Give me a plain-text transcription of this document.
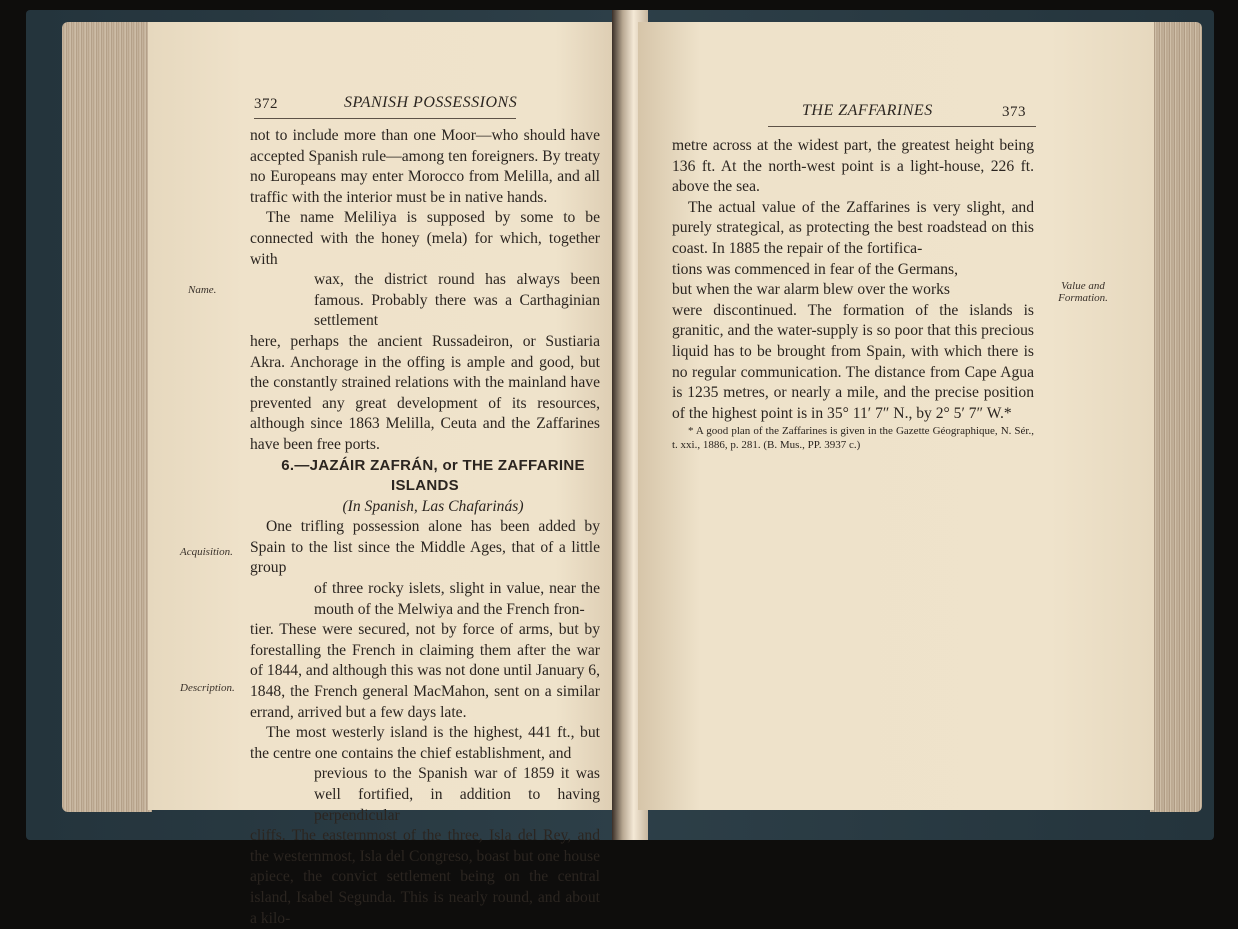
372	SPANISH POSSESSIONS
Name.
Acquisition.
Description.

not to include more than one Moor—who should have accepted Spanish rule—among ten foreigners. By treaty no Europeans may enter Morocco from Melilla, and all traffic with the interior must be in native hands.

The name Meliliya is supposed by some to be connected with the honey (mela) for which, together with

wax, the district round has always been famous. Probably there was a Carthaginian settlement

here, perhaps the ancient Russadeiron, or Sustiaria Akra. Anchorage in the offing is ample and good, but the constantly strained relations with the mainland have prevented any great development of its resources, although since 1863 Melilla, Ceuta and the Zaffarines have been free ports.

6.—JAZÁIR ZAFRÁN, or THE ZAFFARINE ISLANDS

(In Spanish, Las Chafarinás)

One trifling possession alone has been added by Spain to the list since the Middle Ages, that of a little group

of three rocky islets, slight in value, near the mouth of the Melwiya and the French fron-

tier. These were secured, not by force of arms, but by forestalling the French in claiming them after the war of 1844, and although this was not done until January 6, 1848, the French general MacMahon, sent on a similar errand, arrived but a few days late.

The most westerly island is the highest, 441 ft., but the centre one contains the chief establishment, and

previous to the Spanish war of 1859 it was well fortified, in addition to having perpendicular

cliffs. The easternmost of the three, Isla del Rey, and the westernmost, Isla del Congreso, boast but one house apiece, the convict settlement being on the central island, Isabel Segunda. This is nearly round, and about a kilo-

THE ZAFFARINES	373
Value and Formation.

metre across at the widest part, the greatest height being 136 ft. At the north-west point is a light-house, 226 ft. above the sea.

The actual value of the Zaffarines is very slight, and purely strategical, as protecting the best roadstead on this coast. In 1885 the repair of the fortifica-

tions was commenced in fear of the Germans, but when the war alarm blew over the works

were discontinued. The formation of the islands is granitic, and the water-supply is so poor that this precious liquid has to be brought from Spain, with which there is no regular communication. The distance from Cape Agua is 1235 metres, or nearly a mile, and the precise position of the highest point is in 35° 11′ 7″ N., by 2° 5′ 7″ W.*

* A good plan of the Zaffarines is given in the Gazette Géographique, N. Sér., t. xxi., 1886, p. 281. (B. Mus., PP. 3937 c.)
